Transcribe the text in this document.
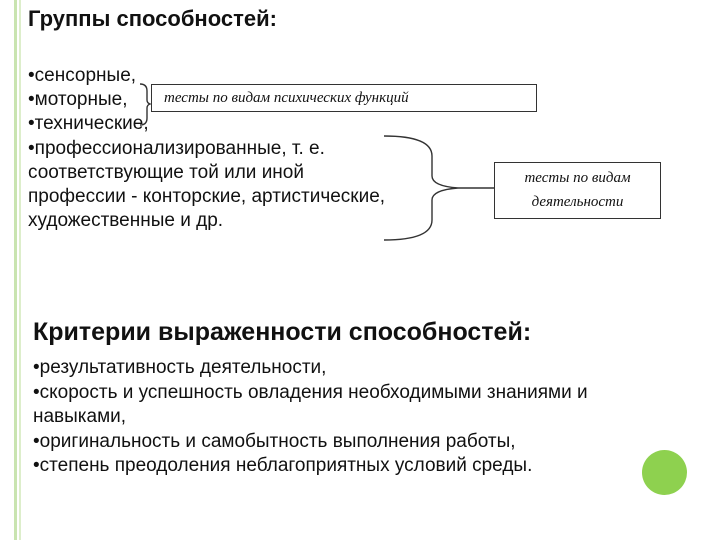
Группы способностей:
•сенсорные,
•моторные,
•технические,
•профессионализированные, т. е. соответствующие той или иной профессии - конторские, артистические, художественные и др.
тесты по видам психических функций
тесты по видам деятельности
Критерии выраженности способностей:
•результативность деятельности,
•скорость и успешность овладения необходимыми знаниями и навыками,
•оригинальность и самобытность выполнения работы,
•степень преодоления неблагоприятных условий среды.
